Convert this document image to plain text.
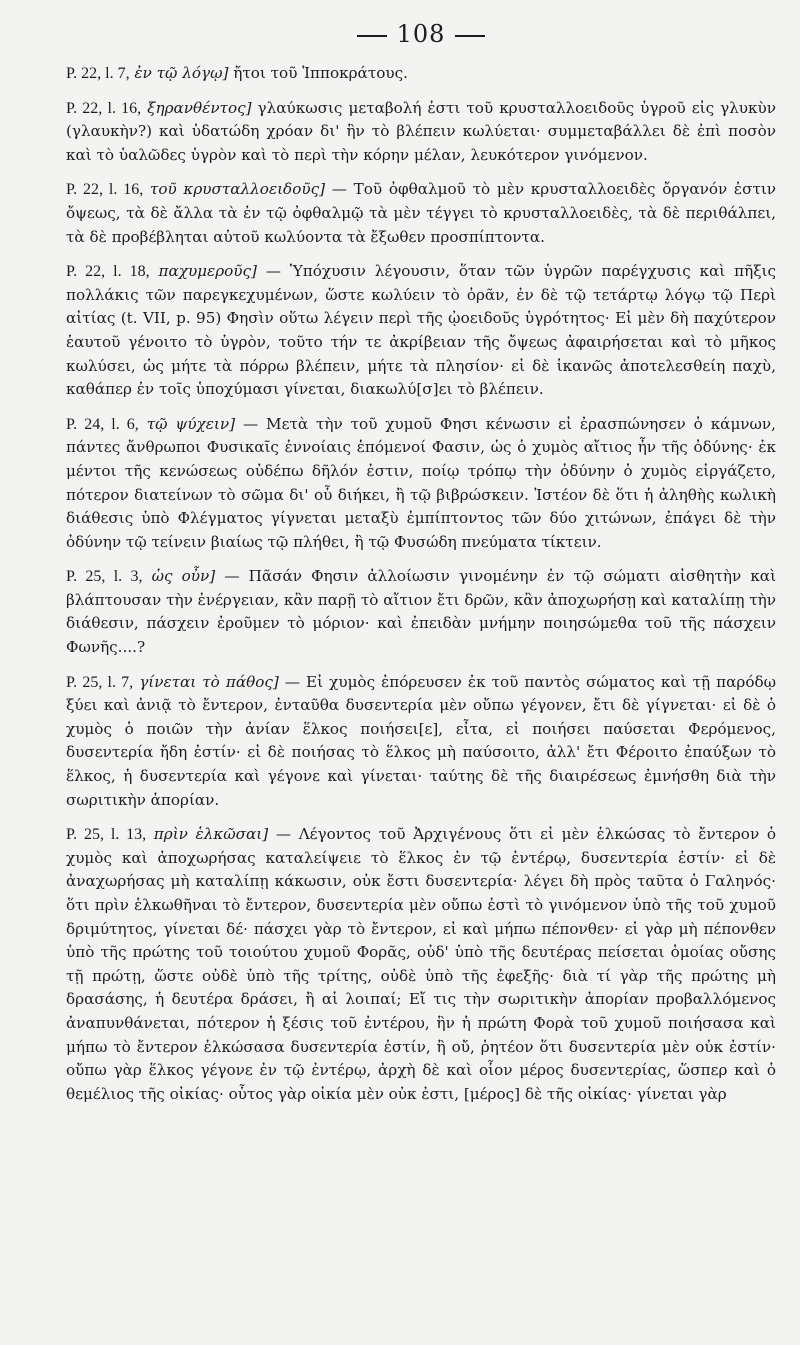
108

P. 22, l. 7, ἐν τῷ λόγῳ] ἤτοι τοῦ Ἱπποκράτους.

P. 22, l. 16, ξηρανθέντος] γλαύκωσις μεταβολή ἐστι τοῦ κρυσταλλοειδοῦς ὑγροῦ εἰς γλυκὺν (γλαυκὴν?) καὶ ὑδατώδη χρόαν δι' ἣν τὸ βλέπειν κωλύεται· συμμεταβάλλει δὲ ἐπὶ ποσὸν καὶ τὸ ὑαλῶδες ὑγρὸν καὶ τὸ περὶ τὴν κόρην μέλαν, λευκότερον γινόμενον.

P. 22, l. 16, τοῦ κρυσταλλοειδοῦς] — Τοῦ ὀφθαλμοῦ τὸ μὲν κρυσταλλοειδὲς ὄργανόν ἐστιν ὄψεως, τὰ δὲ ἄλλα τὰ ἐν τῷ ὀφθαλμῷ τὰ μὲν τέγγει τὸ κρυσταλλοειδὲς, τὰ δὲ περιθάλπει, τὰ δὲ προβέβληται αὐτοῦ κωλύοντα τὰ ἔξωθεν προσπίπτοντα.

P. 22, l. 18, παχυμεροῦς] — Ὑπόχυσιν λέγουσιν, ὅταν τῶν ὑγρῶν παρέγχυσις καὶ πῆξις πολλάκις τῶν παρεγκεχυμένων, ὥστε κωλύειν τὸ ὁρᾶν, ἐν δὲ τῷ τετάρτῳ λόγῳ τῷ Περὶ αἰτίας (t. VII, p. 95) Φησὶν οὕτω λέγειν περὶ τῆς ᾠοειδοῦς ὑγρότητος· Εἰ μὲν δὴ παχύτερον ἑαυτοῦ γένοιτο τὸ ὑγρὸν, τοῦτο τήν τε ἀκρίβειαν τῆς ὄψεως ἀφαιρήσεται καὶ τὸ μῆκος κωλύσει, ὡς μήτε τὰ πόρρω βλέπειν, μήτε τὰ πλησίον· εἰ δὲ ἱκανῶς ἀποτελεσθείη παχὺ, καθάπερ ἐν τοῖς ὑποχύμασι γίνεται, διακωλύ[σ]ει τὸ βλέπειν.

P. 24, l. 6, τῷ ψύχειν] — Μετὰ τὴν τοῦ χυμοῦ Φησι κένωσιν εἰ ἐρασπώνησεν ὁ κάμνων, πάντες ἄνθρωποι Φυσικαῖς ἐννοίαις ἑπόμενοί Φασιν, ὡς ὁ χυμὸς αἴτιος ἦν τῆς ὀδύνης· ἐκ μέντοι τῆς κενώσεως οὐδέπω δῆλόν ἐστιν, ποίῳ τρόπῳ τὴν ὀδύνην ὁ χυμὸς εἰργάζετο, πότερον διατείνων τὸ σῶμα δι' οὗ διήκει, ἢ τῷ βιβρώσκειν. Ἰστέον δὲ ὅτι ἡ ἀληθὴς κωλικὴ διάθεσις ὑπὸ Φλέγματος γίγνεται μεταξὺ ἐμπίπτοντος τῶν δύο χιτώνων, ἐπάγει δὲ τὴν ὀδύνην τῷ τείνειν βιαίως τῷ πλήθει, ἢ τῷ Φυσώδη πνεύματα τίκτειν.

P. 25, l. 3, ὡς οὖν] — Πᾶσάν Φησιν ἀλλοίωσιν γινομένην ἐν τῷ σώματι αἰσθητὴν καὶ βλάπτουσαν τὴν ἐνέργειαν, κἂν παρῇ τὸ αἴτιον ἔτι δρῶν, κἂν ἀποχωρήσῃ καὶ καταλίπῃ τὴν διάθεσιν, πάσχειν ἐροῦμεν τὸ μόριον· καὶ ἐπειδὰν μνήμην ποιησώμεθα τοῦ τῆς πάσχειν Φωνῆς....?

P. 25, l. 7, γίνεται τὸ πάθος] — Εἰ χυμὸς ἐπόρευσεν ἐκ τοῦ παντὸς σώματος καὶ τῇ παρόδῳ ξύει καὶ ἀνιᾷ τὸ ἔντερον, ἐνταῦθα δυσεντερία μὲν οὔπω γέγονεν, ἔτι δὲ γίγνεται· εἰ δὲ ὁ χυμὸς ὁ ποιῶν τὴν ἀνίαν ἕλκος ποιήσει[ε], εἶτα, εἰ ποιήσει παύσεται Φερόμενος, δυσεντερία ἤδη ἐστίν· εἰ δὲ ποιήσας τὸ ἕλκος μὴ παύσοιτο, ἀλλ' ἔτι Φέροιτο ἐπαύξων τὸ ἕλκος, ἡ δυσεντερία καὶ γέγονε καὶ γίνεται· ταύτης δὲ τῆς διαιρέσεως ἐμνήσθη διὰ τὴν σωριτικὴν ἀπορίαν.

P. 25, l. 13, πρὶν ἑλκῶσαι] — Λέγοντος τοῦ Ἀρχιγένους ὅτι εἰ μὲν ἑλκώσας τὸ ἔντερον ὁ χυμὸς καὶ ἀποχωρήσας καταλείψειε τὸ ἕλκος ἐν τῷ ἐντέρῳ, δυσεντερία ἐστίν· εἰ δὲ ἀναχωρήσας μὴ καταλίπῃ κάκωσιν, οὐκ ἔστι δυσεντερία· λέγει δὴ πρὸς ταῦτα ὁ Γαληνός· ὅτι πρὶν ἑλκωθῆναι τὸ ἔντερον, δυσεντερία μὲν οὔπω ἐστὶ τὸ γινόμενον ὑπὸ τῆς τοῦ χυμοῦ δριμύτητος, γίνεται δέ· πάσχει γὰρ τὸ ἔντερον, εἰ καὶ μήπω πέπονθεν· εἰ γὰρ μὴ πέπονθεν ὑπὸ τῆς πρώτης τοῦ τοιούτου χυμοῦ Φορᾶς, οὐδ' ὑπὸ τῆς δευτέρας πείσεται ὁμοίας οὔσης τῇ πρώτῃ, ὥστε οὐδὲ ὑπὸ τῆς τρίτης, οὐδὲ ὑπὸ τῆς ἐφεξῆς· διὰ τί γὰρ τῆς πρώτης μὴ δρασάσης, ἡ δευτέρα δράσει, ἢ αἱ λοιπαί; Εἴ τις τὴν σωριτικὴν ἀπορίαν προβαλλόμενος ἀναπυνθάνεται, πότερον ἡ ξέσις τοῦ ἐντέρου, ἣν ἡ πρώτη Φορὰ τοῦ χυμοῦ ποιήσασα καὶ μήπω τὸ ἔντερον ἑλκώσασα δυσεντερία ἐστίν, ἢ οὔ, ῥητέον ὅτι δυσεντερία μὲν οὐκ ἐστίν· οὔπω γὰρ ἕλκος γέγονε ἐν τῷ ἐντέρῳ, ἀρχὴ δὲ καὶ οἷον μέρος δυσεντερίας, ὥσπερ καὶ ὁ θεμέλιος τῆς οἰκίας· οὗτος γὰρ οἰκία μὲν οὐκ ἐστι, [μέρος] δὲ τῆς οἰκίας· γίνεται γὰρ
